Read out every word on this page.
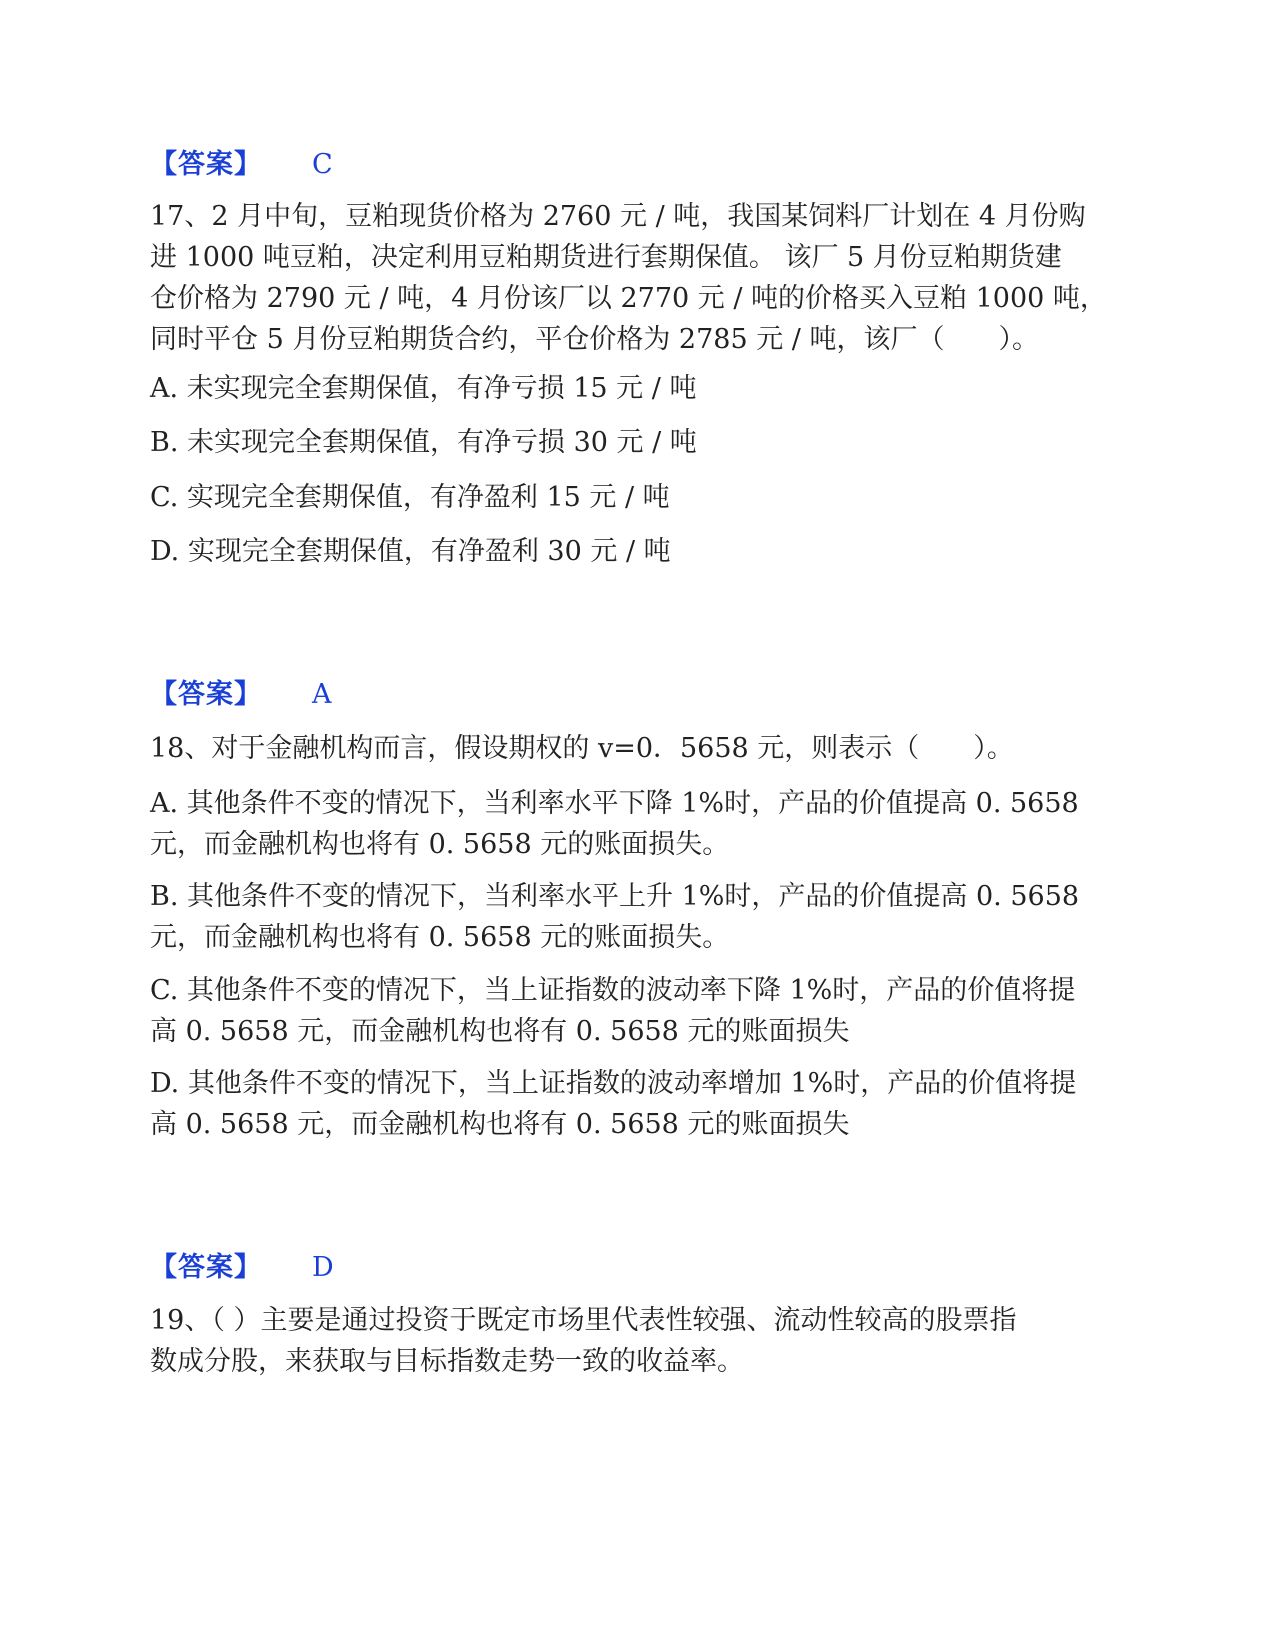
【答案】 C
17、2 月中旬，豆粕现货价格为 2760 元 / 吨，我国某饲料厂计划在 4 月份购
进 1000 吨豆粕，决定利用豆粕期货进行套期保值。 该厂 5 月份豆粕期货建
仓价格为 2790 元 / 吨，4 月份该厂以 2770 元 / 吨的价格买入豆粕 1000 吨，
同时平仓 5 月份豆粕期货合约，平仓价格为 2785 元 / 吨，该厂（　　）。
A. 未实现完全套期保值，有净亏损 15 元 / 吨
B. 未实现完全套期保值，有净亏损 30 元 / 吨
C. 实现完全套期保值，有净盈利 15 元 / 吨
D. 实现完全套期保值，有净盈利 30 元 / 吨
【答案】 A
18、对于金融机构而言，假设期权的 v=0．5658 元，则表示（　　）。
A. 其他条件不变的情况下，当利率水平下降 1%时，产品的价值提高 0. 5658
元，而金融机构也将有 0. 5658 元的账面损失。
B. 其他条件不变的情况下，当利率水平上升 1%时，产品的价值提高 0. 5658
元，而金融机构也将有 0. 5658 元的账面损失。
C. 其他条件不变的情况下，当上证指数的波动率下降 1%时，产品的价值将提
高 0. 5658 元，而金融机构也将有 0. 5658 元的账面损失
D. 其他条件不变的情况下，当上证指数的波动率增加 1%时，产品的价值将提
高 0. 5658 元，而金融机构也将有 0. 5658 元的账面损失
【答案】 D
19、（ ）主要是通过投资于既定市场里代表性较强、流动性较高的股票指
数成分股，来获取与目标指数走势一致的收益率。
